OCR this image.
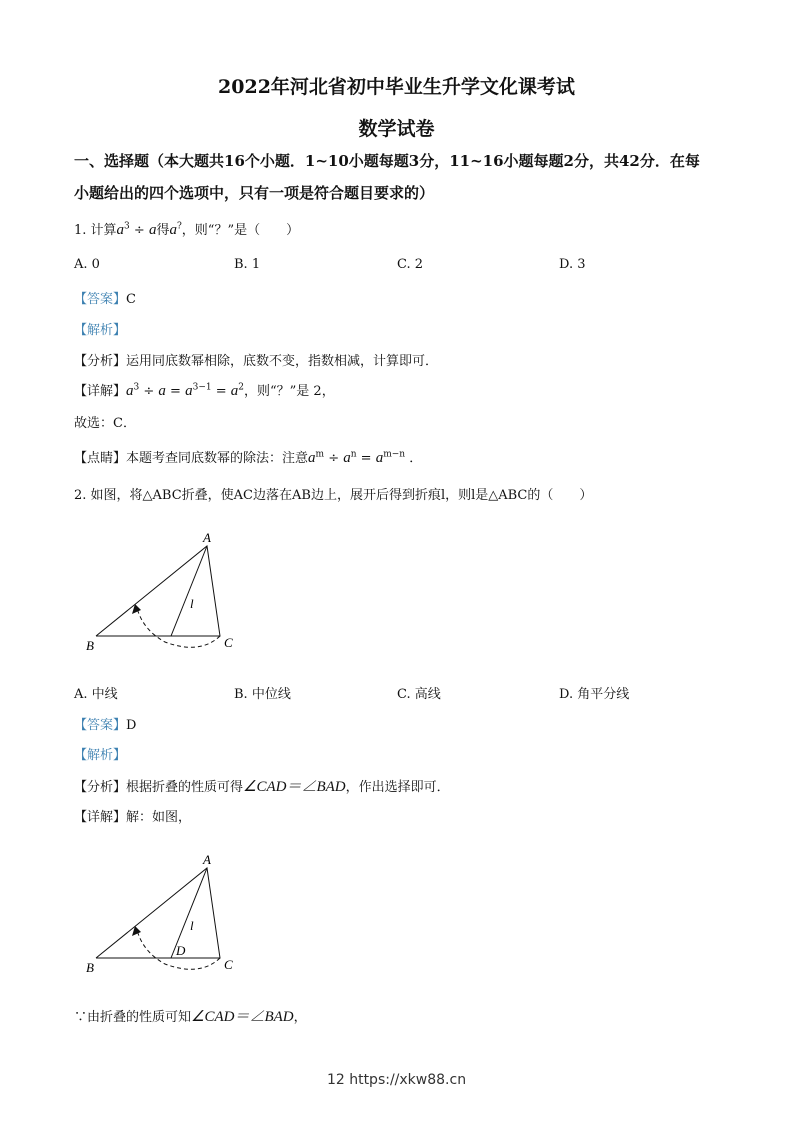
2022年河北省初中毕业生升学文化课考试
数学试卷
一、选择题（本大题共16个小题．1~10小题每题3分，11~16小题每题2分，共42分．在每
小题给出的四个选项中，只有一项是符合题目要求的）
1. 计算$a^3 \div a$得a?，则“？”是（　　）
A. 0	B. 1	C. 2	D. 3
【答案】C
【解析】
【分析】运用同底数幂相除，底数不变，指数相减，计算即可．
【详解】$a^3 \div a = a^{3-1} = a^2$，则“？”是 2，
故选：C．
【点睛】本题考查同底数幂的除法：注意$a^m \div a^n = a^{m-n}$ ．
2. 如图，将△ABC折叠，使AC边落在AB边上，展开后得到折痕l，则l是△ABC的（　　）
A
B	C
l
A
B	C
D
l
A. 中线	B. 中位线	C. 高线	D. 角平分线
【答案】D
【解析】
【分析】根据折叠的性质可得∠CAD＝∠BAD，作出选择即可．
【详解】解：如图，
∵由折叠的性质可知∠CAD＝∠BAD，
12 https://xkw88.cn
